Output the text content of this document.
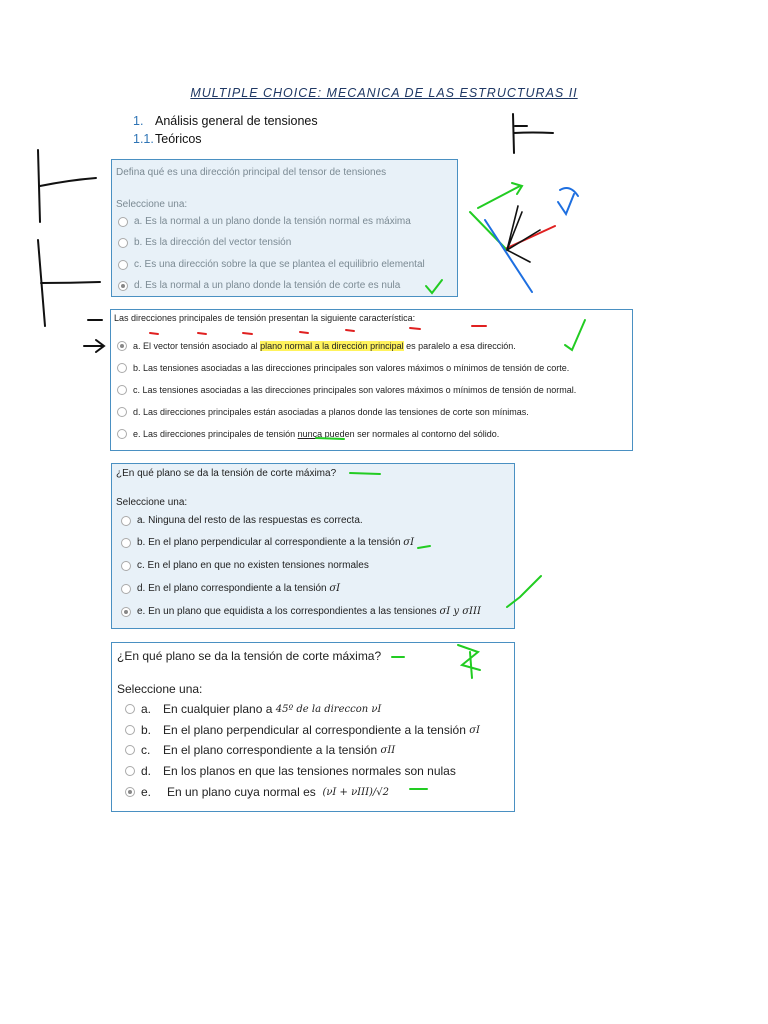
MULTIPLE CHOICE: MECANICA DE LAS ESTRUCTURAS II
1. Análisis general de tensiones
1.1.Teóricos
Defina qué es una dirección principal del tensor de tensiones
Seleccione una:
a. Es la normal a un plano donde la tensión normal es máxima
b. Es la dirección del vector tensión
c. Es una dirección sobre la que se plantea el equilibrio elemental
d. Es la normal a un plano donde la tensión de corte es nula
Las direcciones principales de tensión presentan la siguiente característica:
a. El vector tensión asociado al plano normal a la dirección principal es paralelo a esa dirección.
b. Las tensiones asociadas a las direcciones principales son valores máximos o mínimos de tensión de corte.
c. Las tensiones asociadas a las direcciones principales son valores máximos o mínimos de tensión de normal.
d. Las direcciones principales están asociadas a planos donde las tensiones de corte son mínimas.
e. Las direcciones principales de tensión nunca pueden ser normales al contorno del sólido.
¿En qué plano se da la tensión de corte máxima?
Seleccione una:
a. Ninguna del resto de las respuestas es correcta.
b. En el plano perpendicular al correspondiente a la tensión
σI
c. En el plano en que no existen tensiones normales
d. En el plano correspondiente a la tensión
σI
e. En un plano que equidista a los correspondientes a las tensiones
σI y σIII
¿En qué plano se da la tensión de corte máxima?
Seleccione una:
a. En cualquier plano a
45º de la direccon νI
b. En el plano perpendicular al correspondiente a la tensión
σI
c.	En el plano correspondiente a la tensión
σII
d. En los planos en que las tensiones normales son nulas
e.	En un plano cuya normal es
(νI + νIII)/√2
